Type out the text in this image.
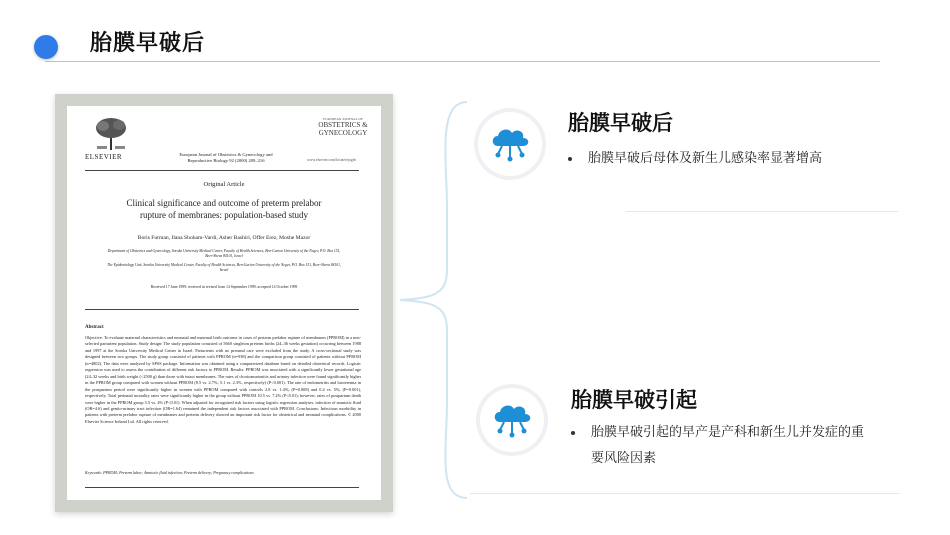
胎膜早破后
ELSEVIER	European Journal of Obstetrics & Gynecology and Reproductive Biology 92 (2000) 209–216
EUROPEAN JOURNAL OF
OBSTETRICS & GYNECOLOGY
www.elsevier.com/locate/ejogrb
Original Article
Clinical significance and outcome of preterm prelabor rupture of membranes: population-based study
Boris Furman, Ilana Shoham-Vardi, Asher Bashiri, Offer Erez, Moshe Mazor
Department of Obstetrics and Gynecology, Soroka University Medical Center, Faculty of Health Sciences, Ben-Gurion University of the Negev, P.O. Box 151, Beer-Sheva 84101, Israel
The Epidemiology Unit, Soroka University Medical Center, Faculty of Health Sciences, Ben-Gurion University of the Negev, P.O. Box 151, Beer-Sheva 84101, Israel
Received 17 June 1999; received in revised form 14 September 1999; accepted 14 October 1999
Abstract
Objective: To evaluate maternal characteristics and neonatal and maternal birth outcome in cases of preterm prelabor rupture of membranes (PPROM) in a non-selected parturient population. Study design: The study population consisted of 5660 singleton preterm births (24–36 weeks gestation) occurring between 1988 and 1997 at the Soroka University Medical Center in Israel. Parturients with no prenatal care were excluded from the study. A cross-sectional study was designed between two groups. The study group consisted of patients with PPROM (n=938) and the comparison group consisted of patients without PPROM (n=4802). The data were analyzed by SPSS package. Information was obtained using a computerized database based on detailed obstetrical records. Logistic regression was used to assess the contribution of different risk factors to PPROM. Results: PPROM was associated with a significantly lower gestational age (24–32 weeks and birth weight (<2500 g) than those with intact membranes. The rates of chorioamnionitis and urinary infection were found significantly higher in the PPROM group compared with women without PPROM (8.5 vs. 2.7%; 5.1 vs. 2.3%, respectively) (P<0.001). The rate of endometritis and bacteremia in the postpartum period were significantly higher in women with PPROM compared with controls 2.8 vs. 1.4%, (P=0.008) and 0.4 vs. 5%, (P=0.001), respectively. Total perinatal mortality rates were significantly higher in the group without PPROM 10.5 vs. 7.2% (P<0.01); however, rates of postpartum death were higher in the PPROM group 5.5 vs. 4% (P<0.01). When adjusted for recognized risk factors using logistic regression analyses, infection of amniotic fluid (OR=4.6) and genito-urinary tract infection (OR=1.64) remained the independent risk factors associated with PPROM. Conclusions: Infectious morbidity in patients with preterm prelabor rupture of membranes and preterm delivery showed an important risk factor for obstetrical and neonatal complications. © 2000 Elsevier Science Ireland Ltd. All rights reserved.
Keywords: PPROM; Preterm labor; Amniotic fluid infection; Preterm delivery; Pregnancy complications
胎膜早破后
胎膜早破后母体及新生儿感染率显著增高
胎膜早破引起
胎膜早破引起的早产是产科和新生儿并发症的重要风险因素
